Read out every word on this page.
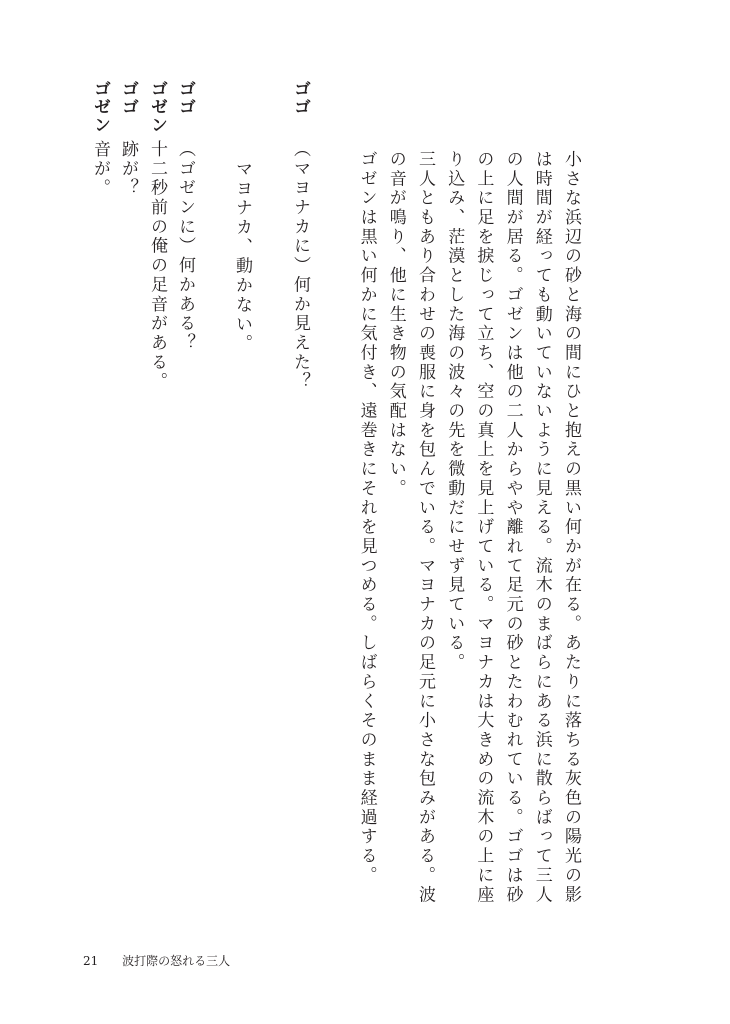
小さな浜辺の砂と海の間にひと抱えの黒い何かが在る。あたりに落ちる灰色の陽光の影は時間が経っても動いていないように見える。流木のまばらにある浜に散らばって三人の人間が居る。ゴゼンは他の二人からやや離れて足元の砂とたわむれている。ゴゴは砂の上に足を捩じって立ち、空の真上を見上げている。マヨナカは大きめの流木の上に座り込み、茫漠とした海の波々の先を微動だにせず見ている。

三人ともあり合わせの喪服に身を包んでいる。マヨナカの足元に小さな包みがある。波の音が鳴り、他に生き物の気配はない。

ゴゼンは黒い何かに気付き、遠巻きにそれを見つめる。しばらくそのまま経過する。

ゴゴ
（マヨナカに）何か見えた？
マヨナカ、動かない。
ゴゴ
（ゴゼンに）何かある？
ゴゼン
十二秒前の俺の足音がある。
ゴゴ
跡が？
ゴゼン
音が。
21 波打際の怒れる三人
